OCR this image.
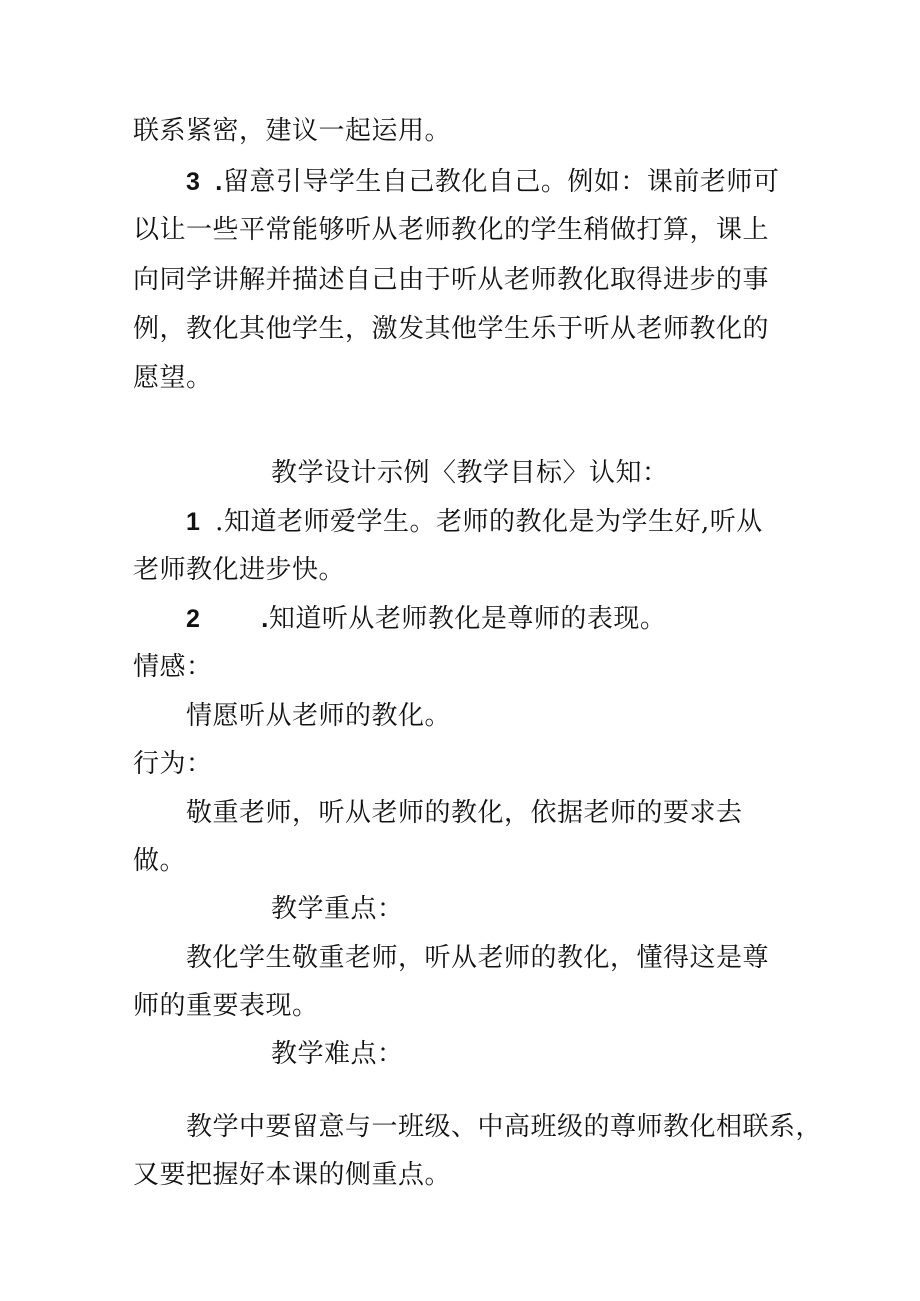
联系紧密，建议一起运用。
3 .留意引导学生自己教化自己。例如：课前老师可
以让一些平常能够听从老师教化的学生稍做打算，课上
向同学讲解并描述自己由于听从老师教化取得进步的事
例，教化其他学生，激发其他学生乐于听从老师教化的
愿望。
教学设计示例〈教学目标〉认知：
1 .知道老师爱学生。老师的教化是为学生好,听从
老师教化进步快。
2 .知道听从老师教化是尊师的表现。
情感：
情愿听从老师的教化。
行为：
敬重老师，听从老师的教化，依据老师的要求去
做。
教学重点：
教化学生敬重老师，听从老师的教化，懂得这是尊
师的重要表现。
教学难点：
教学中要留意与一班级、中高班级的尊师教化相联系，
又要把握好本课的侧重点。
